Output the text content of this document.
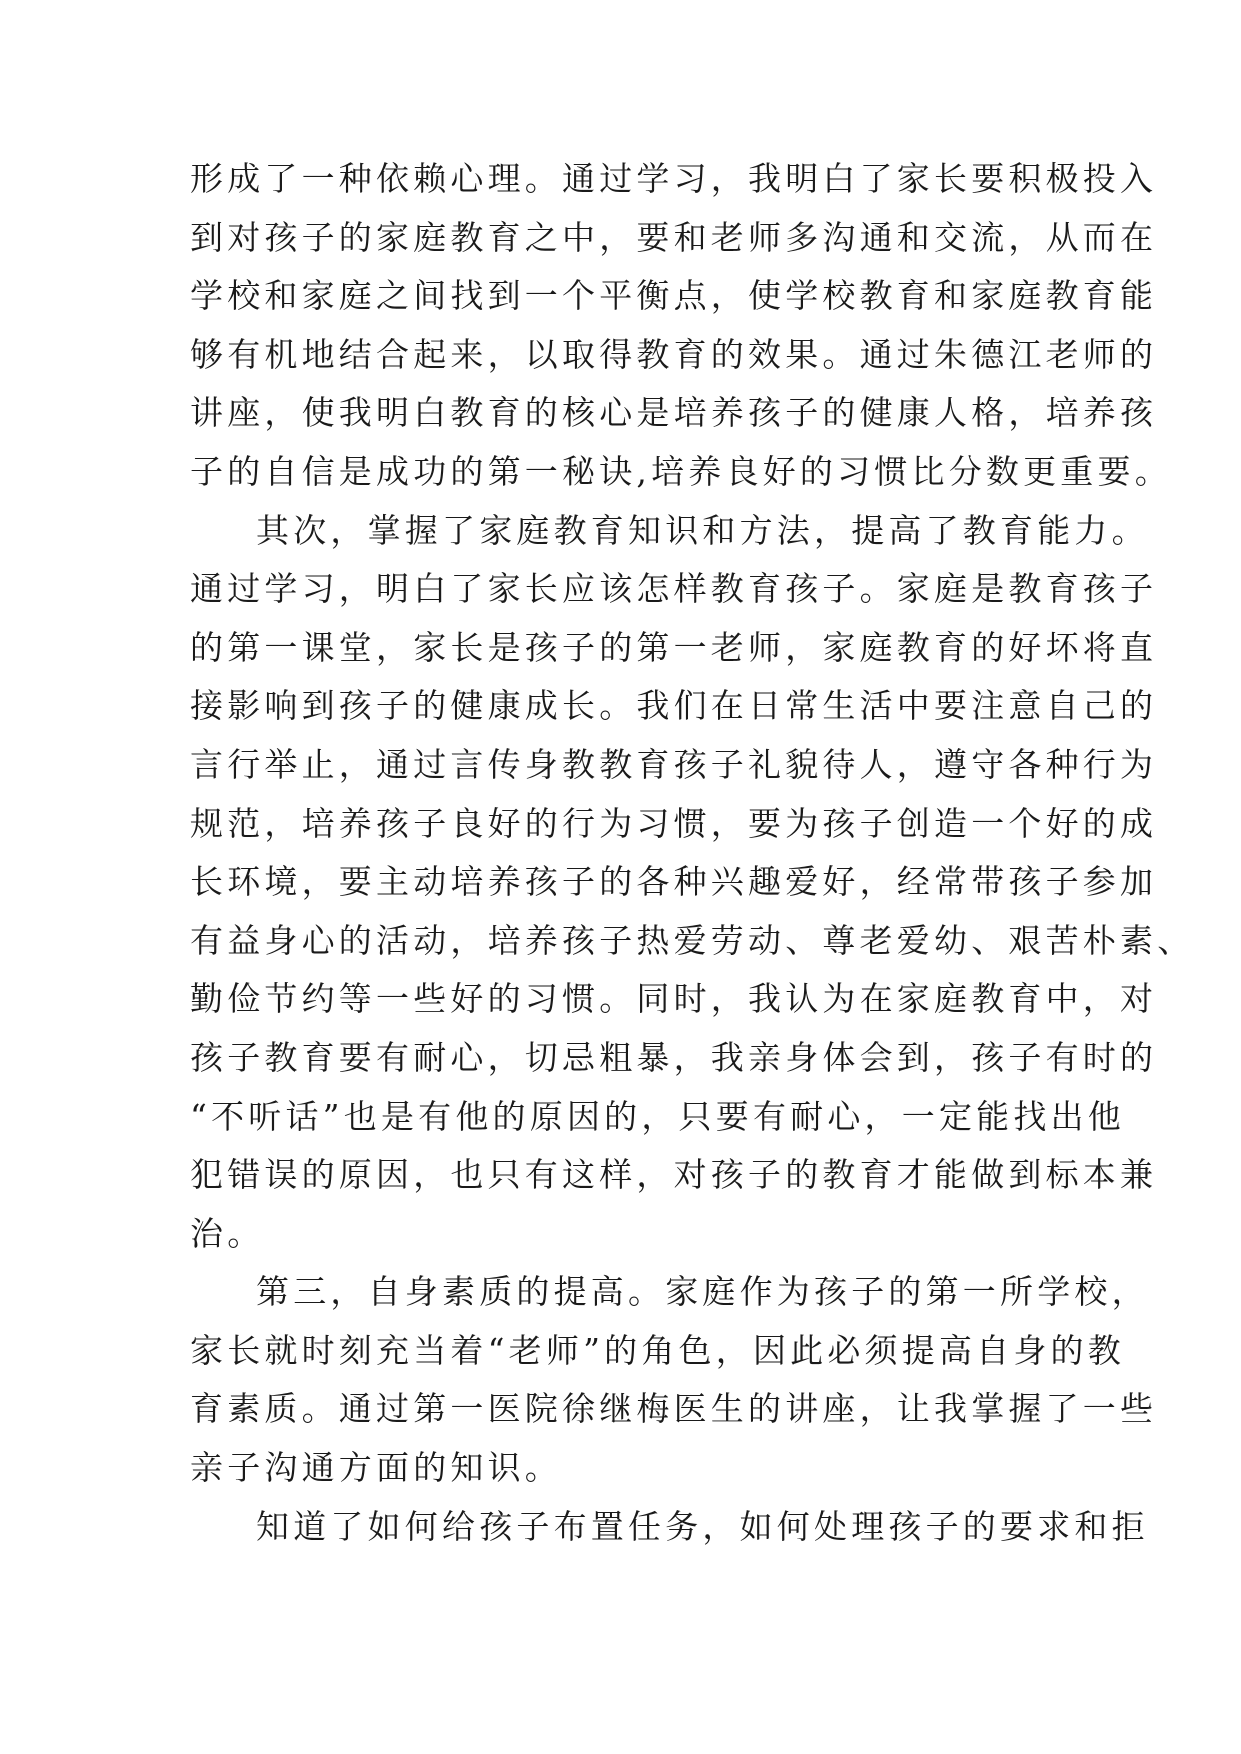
形成了一种依赖心理。通过学习，我明白了家长要积极投入
到对孩子的家庭教育之中，要和老师多沟通和交流，从而在
学校和家庭之间找到一个平衡点，使学校教育和家庭教育能
够有机地结合起来，以取得教育的效果。通过朱德江老师的
讲座，使我明白教育的核心是培养孩子的健康人格，培养孩
子的自信是成功的第一秘诀,培养良好的习惯比分数更重要。
其次，掌握了家庭教育知识和方法，提高了教育能力。
通过学习，明白了家长应该怎样教育孩子。家庭是教育孩子
的第一课堂，家长是孩子的第一老师，家庭教育的好坏将直
接影响到孩子的健康成长。我们在日常生活中要注意自己的
言行举止，通过言传身教教育孩子礼貌待人，遵守各种行为
规范，培养孩子良好的行为习惯，要为孩子创造一个好的成
长环境，要主动培养孩子的各种兴趣爱好，经常带孩子参加
有益身心的活动，培养孩子热爱劳动、尊老爱幼、艰苦朴素、
勤俭节约等一些好的习惯。同时，我认为在家庭教育中，对
孩子教育要有耐心，切忌粗暴，我亲身体会到，孩子有时的
“不听话”也是有他的原因的，只要有耐心，一定能找出他
犯错误的原因，也只有这样，对孩子的教育才能做到标本兼
治。
第三，自身素质的提高。家庭作为孩子的第一所学校，
家长就时刻充当着“老师”的角色，因此必须提高自身的教
育素质。通过第一医院徐继梅医生的讲座，让我掌握了一些
亲子沟通方面的知识。
知道了如何给孩子布置任务，如何处理孩子的要求和拒
